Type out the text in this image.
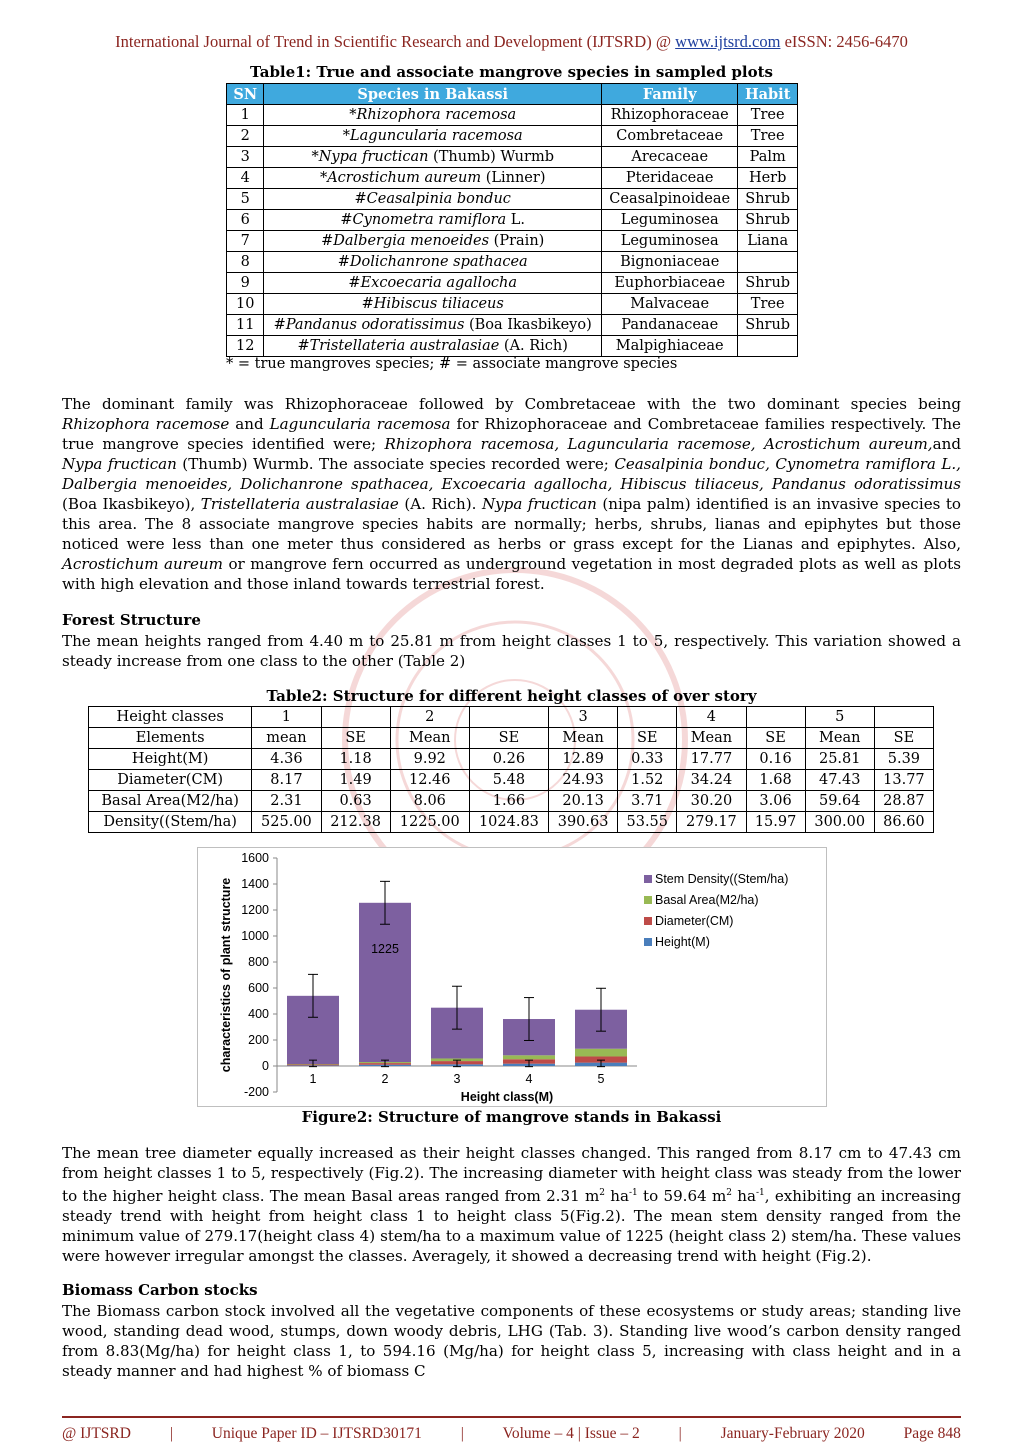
International Journal of Trend in Scientific Research and Development (IJTSRD) @ www.ijtsrd.com eISSN: 2456-6470
Table1: True and associate mangrove species in sampled plots
SN	Species in Bakassi	Family	Habit
1	*Rhizophora racemosa	Rhizophoraceae	Tree
2	*Laguncularia racemosa	Combretaceae	Tree
3	*Nypa fructican (Thumb) Wurmb	Arecaceae	Palm
4	*Acrostichum aureum (Linner)	Pteridaceae	Herb
5	#Ceasalpinia bonduc	Ceasalpinoideae	Shrub
6	#Cynometra ramiflora L.	Leguminosea	Shrub
7	#Dalbergia menoeides (Prain)	Leguminosea	Liana
8	#Dolichanrone spathacea	Bignoniaceae	
9	#Excoecaria agallocha	Euphorbiaceae	Shrub
10	#Hibiscus tiliaceus	Malvaceae	Tree
11	#Pandanus odoratissimus (Boa Ikasbikeyo)	Pandanaceae	Shrub
12	#Tristellateria australasiae (A. Rich)	Malpighiaceae	
* = true mangroves species; # = associate mangrove species
The dominant family was Rhizophoraceae followed by Combretaceae with the two dominant species being Rhizophora racemose and Laguncularia racemosa for Rhizophoraceae and Combretaceae families respectively. The true mangrove species identified were; Rhizophora racemosa, Laguncularia racemose, Acrostichum aureum,and Nypa fructican (Thumb) Wurmb. The associate species recorded were; Ceasalpinia bonduc, Cynometra ramiflora L., Dalbergia menoeides, Dolichanrone spathacea, Excoecaria agallocha, Hibiscus tiliaceus, Pandanus odoratissimus (Boa Ikasbikeyo), Tristellateria australasiae (A. Rich). Nypa fructican (nipa palm) identified is an invasive species to this area. The 8 associate mangrove species habits are normally; herbs, shrubs, lianas and epiphytes but those noticed were less than one meter thus considered as herbs or grass except for the Lianas and epiphytes. Also, Acrostichum aureum or mangrove fern occurred as underground vegetation in most degraded plots as well as plots with high elevation and those inland towards terrestrial forest.
Forest Structure
The mean heights ranged from 4.40 m to 25.81 m from height classes 1 to 5, respectively. This variation showed a steady increase from one class to the other (Table 2)
Table2: Structure for different height classes of over story
Height classes	1		2		3		4		5	
Elements	mean	SE	Mean	SE	Mean	SE	Mean	SE	Mean	SE
Height(M)	4.36	1.18	9.92	0.26	12.89	0.33	17.77	0.16	25.81	5.39
Diameter(CM)	8.17	1.49	12.46	5.48	24.93	1.52	34.24	1.68	47.43	13.77
Basal Area(M2/ha)	2.31	0.63	8.06	1.66	20.13	3.71	30.20	3.06	59.64	28.87
Density((Stem/ha)	525.00	212.38	1225.00	1024.83	390.63	53.55	279.17	15.97	300.00	86.60
-200
0
200
400
600
800
1000
1200
1400
1600
1	2
1225
3	4	5
Height class(M)
characteristics of plant structure	Stem Density((Stem/ha)
Basal Area(M2/ha)
Diameter(CM)
Height(M)
Figure2: Structure of mangrove stands in Bakassi
The mean tree diameter equally increased as their height classes changed. This ranged from 8.17 cm to 47.43 cm from height classes 1 to 5, respectively (Fig.2). The increasing diameter with height class was steady from the lower to the higher height class. The mean Basal areas ranged from 2.31 $m^2$ $ha^{-1}$ to 59.64 $m^2$ $ha^{-1}$, exhibiting an increasing steady trend with height from height class 1 to height class 5(Fig.2). The mean stem density ranged from the minimum value of 279.17(height class 4) stem/ha to a maximum value of 1225 (height class 2) stem/ha. These values were however irregular amongst the classes. Averagely, it showed a decreasing trend with height (Fig.2).
Biomass Carbon stocks
The Biomass carbon stock involved all the vegetative components of these ecosystems or study areas; standing live wood, standing dead wood, stumps, down woody debris, LHG (Tab. 3). Standing live wood’s carbon density ranged from 8.83(Mg/ha) for height class 1, to 594.16 (Mg/ha) for height class 5, increasing with class height and in a steady manner and had highest % of biomass C
@ IJTSRD	|	Unique Paper ID – IJTSRD30171	|	Volume – 4 | Issue – 2	|	January-February 2020	Page 848
